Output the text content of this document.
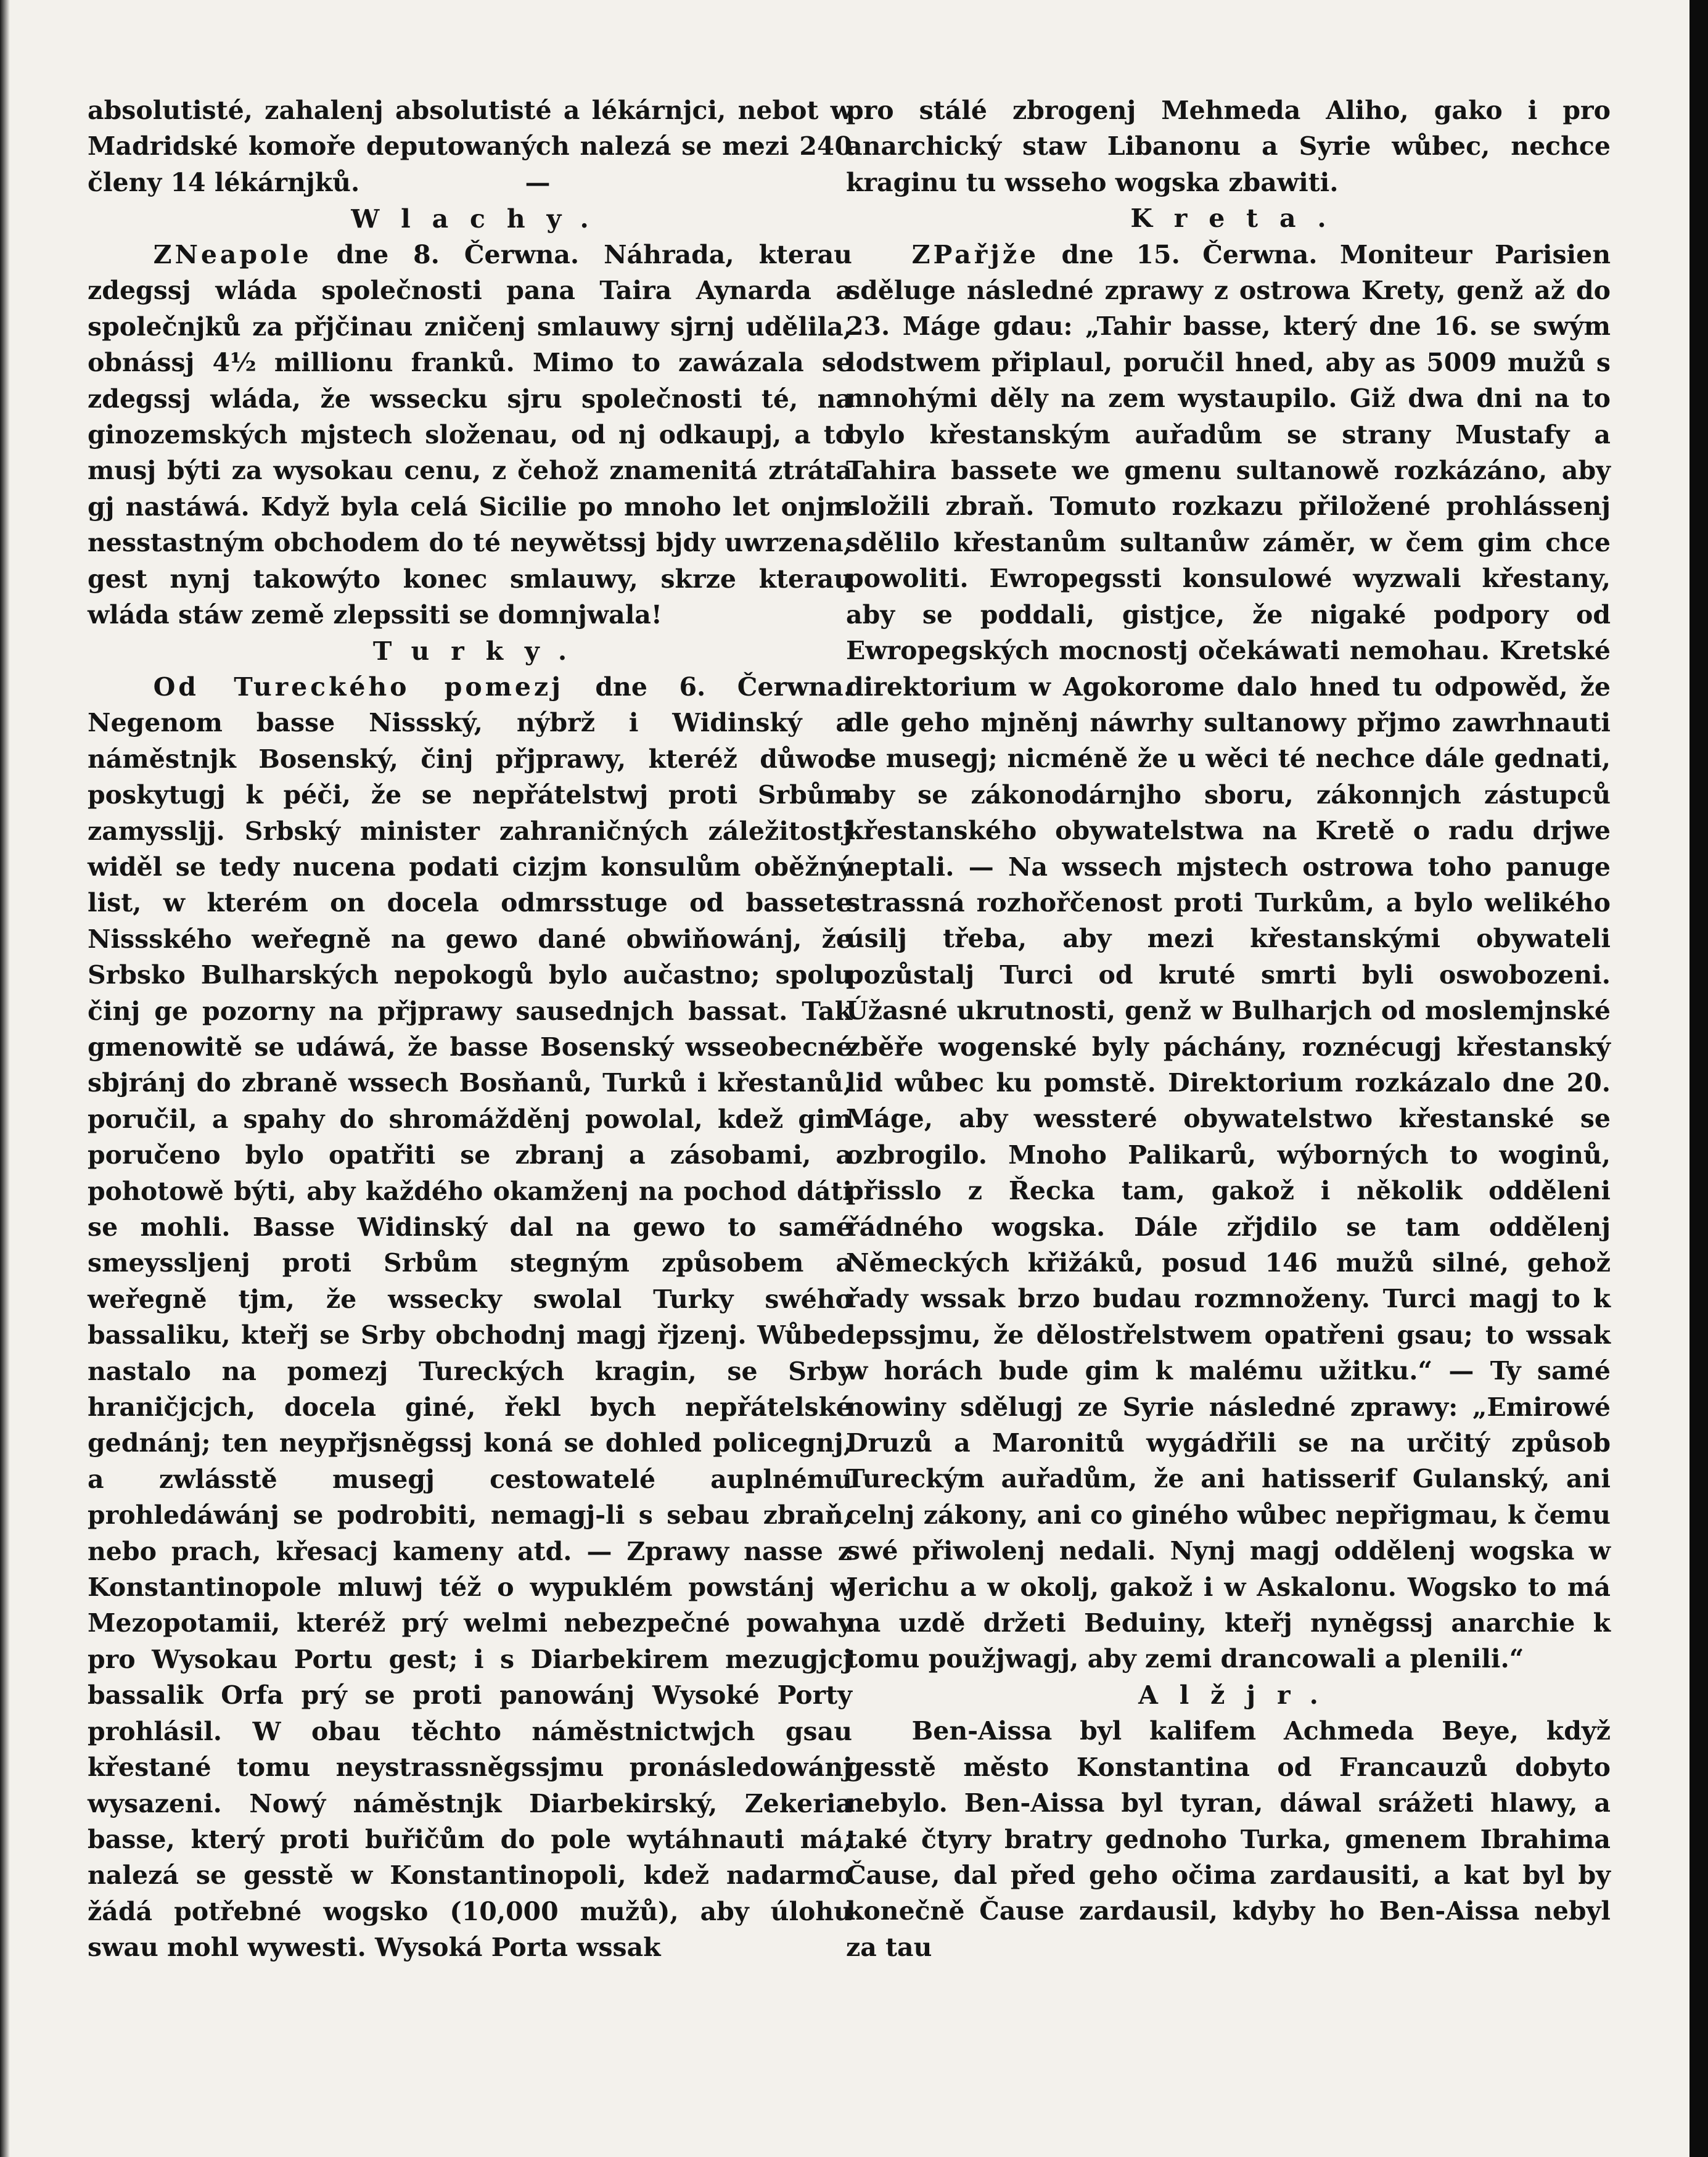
absolutisté, zahalenj absolutisté a lékárnjci, nebot w Madridské komoře deputowaných nalezá se mezi 240 členy 14 lékárnjků.	—

Wlachy.

ZNeapole dne 8. Čerwna. Náhrada, kterau zdegssj wláda společnosti pana Taira Aynarda a společnjků za přjčinau zničenj smlauwy sjrnj udělila, obnássj 4½ millionu franků. Mimo to zawázala se zdegssj wláda, že wssecku sjru společnosti té, na ginozemských mjstech složenau, od nj odkaupj, a to musj býti za wysokau cenu, z čehož znamenitá ztráta gj nastáwá. Když byla celá Sicilie po mnoho let onjm nesstastným obchodem do té neywětssj bjdy uwrzena, gest nynj takowýto konec smlauwy, skrze kterau wláda stáw země zlepssiti se domnjwala!

Turky.

Od Tureckého pomezj dne 6. Čerwna. Negenom basse Nissský, nýbrž i Widinský a náměstnjk Bosenský, činj přjprawy, kteréž důwod poskytugj k péči, že se nepřátelstwj proti Srbům zamyssljj. Srbský minister zahraničných záležitostj widěl se tedy nucena podati cizjm konsulům oběžný list, w kterém on docela odmrsstuge od bassete Nissského weřegně na gewo dané obwiňowánj, že Srbsko Bulharských nepokogů bylo aučastno; spolu činj ge pozorny na přjprawy sausednjch bassat. Tak gmenowitě se udáwá, že basse Bosenský wsseobecné sbjránj do zbraně wssech Bosňanů, Turků i křestanů, poručil, a spahy do shromážděnj powolal, kdež gim poručeno bylo opatřiti se zbranj a zásobami, a pohotowě býti, aby každého okamženj na pochod dáti se mohli. Basse Widinský dal na gewo to samé smeyssljenj proti Srbům stegným způsobem a weřegně tjm, že wssecky swolal Turky swého bassaliku, kteřj se Srby obchodnj magj řjzenj. Wůbec nastalo na pomezj Tureckých kragin, se Srby hraničjcjch, docela giné, řekl bych nepřátelské gednánj; ten neypřjsněgssj koná se dohled policegnj, a zwlásstě musegj cestowatelé auplnému prohledáwánj se podrobiti, nemagj-li s sebau zbraň, nebo prach, křesacj kameny atd. — Zprawy nasse z Konstantinopole mluwj též o wypuklém powstánj w Mezopotamii, kteréž prý welmi nebezpečné powahy pro Wysokau Portu gest; i s Diarbekirem mezugjcj bassalik Orfa prý se proti panowánj Wysoké Porty prohlásil. W obau těchto náměstnictwjch gsau křestané tomu neystrassněgssjmu pronásledowánj wysazeni. Nowý náměstnjk Diarbekirský, Zekeria basse, který proti buřičům do pole wytáhnauti má, nalezá se gesstě w Konstantinopoli, kdež nadarmo žádá potřebné wogsko (10,000 mužů), aby úlohu swau mohl wywesti. Wysoká Porta wssak

pro stálé zbrogenj Mehmeda Aliho, gako i pro anarchický staw Libanonu a Syrie wůbec, nechce kraginu tu wsseho wogska zbawiti.

Kreta.

ZPařjže dne 15. Čerwna. Moniteur Parisien sděluge následné zprawy z ostrowa Krety, genž až do 23. Máge gdau: „Tahir basse, který dne 16. se swým lodstwem připlaul, poručil hned, aby as 5009 mužů s mnohými děly na zem wystaupilo. Giž dwa dni na to bylo křestanským auřadům se strany Mustafy a Tahira bassete we gmenu sultanowě rozkázáno, aby složili zbraň. Tomuto rozkazu přiložené prohlássenj sdělilo křestanům sultanůw záměr, w čem gim chce powoliti. Ewropegssti konsulowé wyzwali křestany, aby se poddali, gistjce, že nigaké podpory od Ewropegských mocnostj očekáwati nemohau. Kretské direktorium w Agokorome dalo hned tu odpowěd, že dle geho mjněnj náwrhy sultanowy přjmo zawrhnauti se musegj; nicméně že u wěci té nechce dále gednati, aby se zákonodárnjho sboru, zákonnjch zástupců křestanského obywatelstwa na Kretě o radu drjwe neptali. — Na wssech mjstech ostrowa toho panuge strassná rozhořčenost proti Turkům, a bylo welikého úsilj třeba, aby mezi křestanskými obywateli pozůstalj Turci od kruté smrti byli oswobozeni. Úžasné ukrutnosti, genž w Bulharjch od moslemjnské zběře wogenské byly páchány, roznécugj křestanský lid wůbec ku pomstě. Direktorium rozkázalo dne 20. Máge, aby wessteré obywatelstwo křestanské se ozbrogilo. Mnoho Palikarů, wýborných to woginů, přisslo z Řecka tam, gakož i několik odděleni řádného wogska. Dále zřjdilo se tam oddělenj Německých křižáků, posud 146 mužů silné, gehož řady wssak brzo budau rozmnoženy. Turci magj to k lepssjmu, že dělostřelstwem opatřeni gsau; to wssak w horách bude gim k malému užitku.“ — Ty samé nowiny sdělugj ze Syrie následné zprawy: „Emirowé Druzů a Maronitů wygádřili se na určitý způsob Tureckým auřadům, že ani hatisserif Gulanský, ani celnj zákony, ani co giného wůbec nepřigmau, k čemu swé přiwolenj nedali. Nynj magj oddělenj wogska w Jerichu a w okolj, gakož i w Askalonu. Wogsko to má na uzdě držeti Beduiny, kteřj nyněgssj anarchie k tomu použjwagj, aby zemi drancowali a plenili.“

Alžjr.

Ben-Aissa byl kalifem Achmeda Beye, když gesstě město Konstantina od Francauzů dobyto nebylo. Ben-Aissa byl tyran, dáwal srážeti hlawy, a také čtyry bratry gednoho Turka, gmenem Ibrahima Čause, dal před geho očima zardausiti, a kat byl by konečně Čause zardausil, kdyby ho Ben-Aissa nebyl za tau
